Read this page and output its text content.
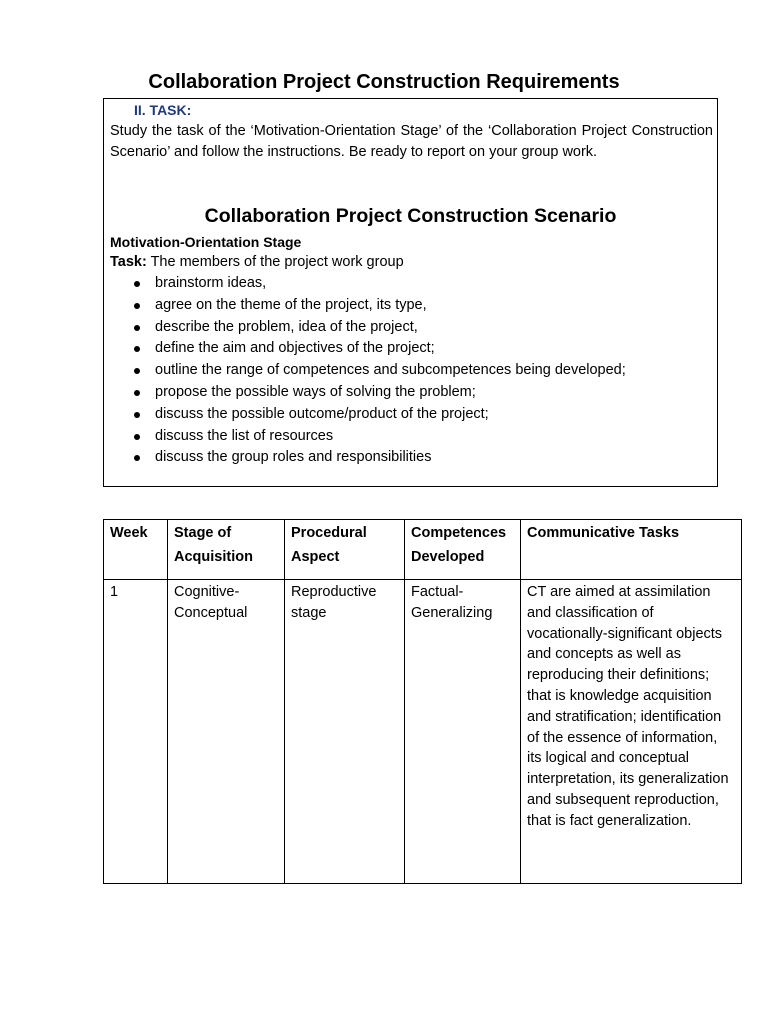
Collaboration Project Construction Requirements
II. TASK:
Study the task of the ‘Motivation-Orientation Stage’ of the ‘Collaboration Project Construction Scenario’ and follow the instructions. Be ready to report on your group work.
Collaboration Project Construction Scenario
Motivation-Orientation Stage
Task: The members of the project work group
brainstorm ideas,
agree on the theme of the project, its type,
describe the problem, idea of the project,
define the aim and objectives of the project;
outline the range of competences and subcompetences being developed;
propose the possible ways of solving the problem;
discuss the possible outcome/product of the project;
discuss the list of resources
discuss the group roles and responsibilities
Week	Stage of Acquisition	Procedural Aspect	Competences Developed	Communicative Tasks
1	Cognitive-Conceptual	Reproductive stage	Factual-Generalizing	CT are aimed at assimilation and classification of vocationally-significant objects and concepts as well as reproducing their definitions; that is knowledge acquisition and stratification; identification of the essence of information, its logical and conceptual interpretation, its generalization and subsequent reproduction, that is fact generalization.
